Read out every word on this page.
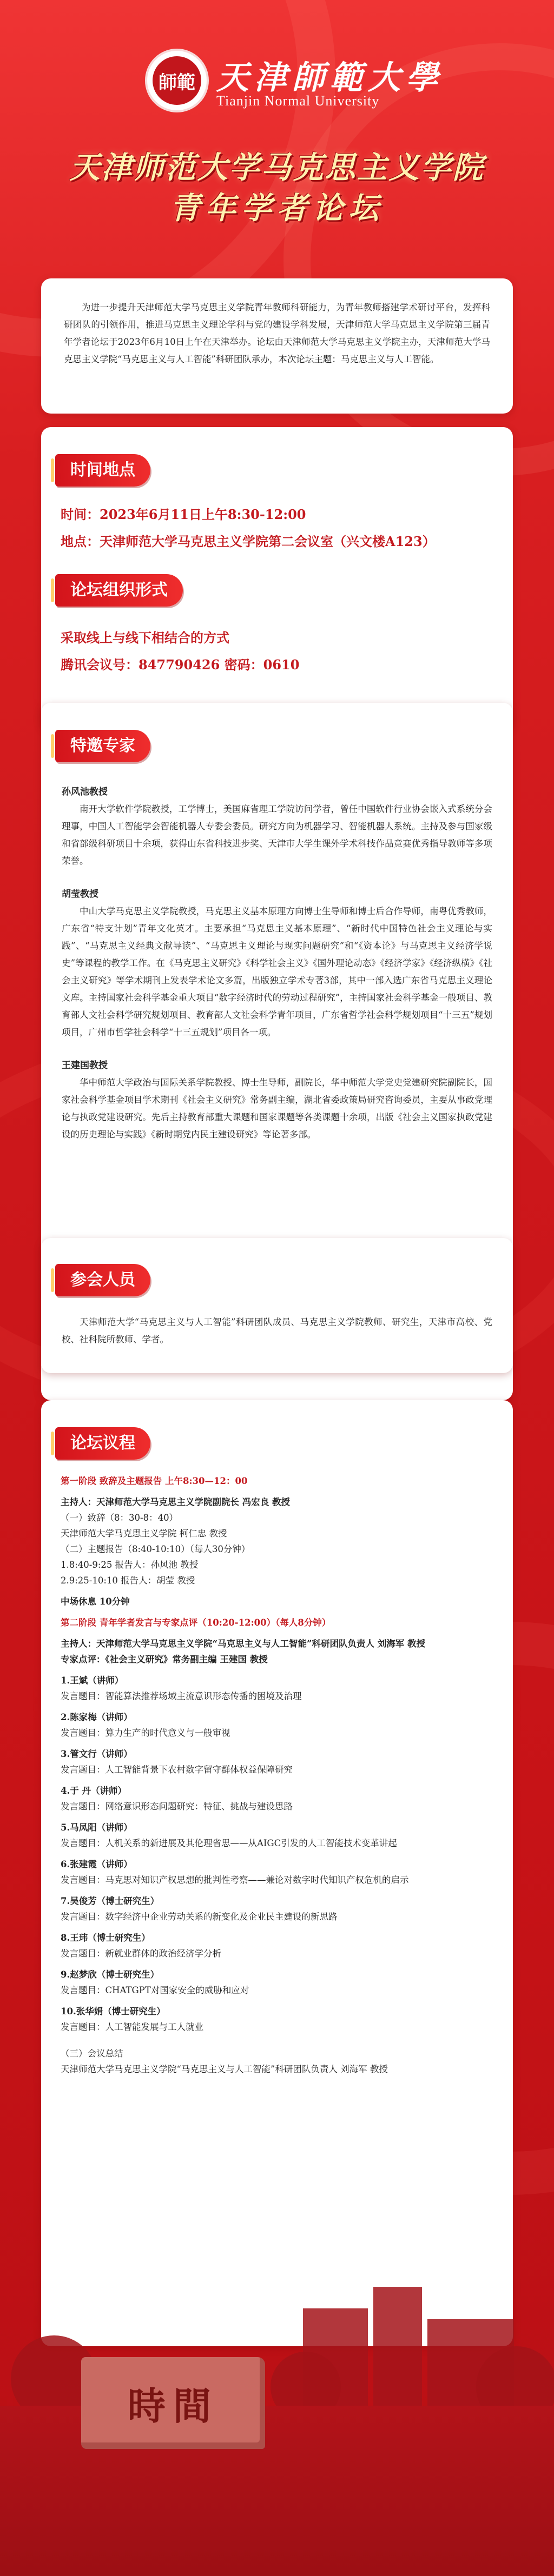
師範 天津師範大學
Tianjin Normal University
天津师范大学马克思主义学院
青年学者论坛

为进一步提升天津师范大学马克思主义学院青年教师科研能力，为青年教师搭建学术研讨平台，发挥科研团队的引领作用，推进马克思主义理论学科与党的建设学科发展，天津师范大学马克思主义学院第三届青年学者论坛于2023年6月10日上午在天津举办。论坛由天津师范大学马克思主义学院主办，天津师范大学马克思主义学院“马克思主义与人工智能”科研团队承办，本次论坛主题：马克思主义与人工智能。

时间地点

时间：2023年6月11日上午8:30-12:00

地点：天津师范大学马克思主义学院第二会议室（兴文楼A123）

论坛组织形式

采取线上与线下相结合的方式

腾讯会议号：847790426 密码：0610

特邀专家

孙风池教授

南开大学软件学院教授，工学博士，美国麻省理工学院访问学者，曾任中国软件行业协会嵌入式系统分会理事，中国人工智能学会智能机器人专委会委员。研究方向为机器学习、智能机器人系统。主持及参与国家级和省部级科研项目十余项，获得山东省科技进步奖、天津市大学生课外学术科技作品竞赛优秀指导教师等多项荣誉。

胡莹教授

中山大学马克思主义学院教授，马克思主义基本原理方向博士生导师和博士后合作导师，南粤优秀教师，广东省“特支计划”青年文化英才。主要承担“马克思主义基本原理”、“新时代中国特色社会主义理论与实践”、“马克思主义经典文献导读”、“马克思主义理论与现实问题研究”和“《资本论》与马克思主义经济学说史”等课程的教学工作。在《马克思主义研究》《科学社会主义》《国外理论动态》《经济学家》《经济纵横》《社会主义研究》等学术期刊上发表学术论文多篇，出版独立学术专著3部，其中一部入选广东省马克思主义理论文库。主持国家社会科学基金重大项目“数字经济时代的劳动过程研究”，主持国家社会科学基金一般项目、教育部人文社会科学研究规划项目、教育部人文社会科学青年项目，广东省哲学社会科学规划项目“十三五”规划项目，广州市哲学社会科学“十三五规划”项目各一项。

王建国教授

华中师范大学政治与国际关系学院教授、博士生导师，副院长，华中师范大学党史党建研究院副院长，国家社会科学基金项目学术期刊《社会主义研究》常务副主编，湖北省委政策局研究咨询委员，主要从事政党理论与执政党建设研究。先后主持教育部重大课题和国家课题等各类课题十余项，出版《社会主义国家执政党建设的历史理论与实践》《新时期党内民主建设研究》等论著多部。

参会人员

天津师范大学“马克思主义与人工智能”科研团队成员、马克思主义学院教师、研究生，天津市高校、党校、社科院所教师、学者。

论坛议程

第一阶段 致辞及主题报告 上午8:30—12：00

主持人：天津师范大学马克思主义学院副院长 冯宏良 教授

（一）致辞（8：30-8：40）

天津师范大学马克思主义学院 柯仁忠 教授

（二）主题报告（8:40-10:10）（每人30分钟）

1.8:40-9:25 报告人：孙风池 教授

2.9:25-10:10 报告人：胡莹 教授

中场休息 10分钟

第二阶段 青年学者发言与专家点评（10:20-12:00）（每人8分钟）

主持人：天津师范大学马克思主义学院“马克思主义与人工智能”科研团队负责人 刘海军 教授

专家点评：《社会主义研究》常务副主编 王建国 教授

1.王斌（讲师）

发言题目：智能算法推荐场域主流意识形态传播的困境及治理

2.陈家梅（讲师）

发言题目：算力生产的时代意义与一般审视

3.管文行（讲师）

发言题目：人工智能背景下农村数字留守群体权益保障研究

4.于 丹（讲师）

发言题目：网络意识形态问题研究：特征、挑战与建设思路

5.马凤阳（讲师）

发言题目：人机关系的新进展及其伦理省思——从AIGC引发的人工智能技术变革讲起

6.张建霞（讲师）

发言题目：马克思对知识产权思想的批判性考察——兼论对数字时代知识产权危机的启示

7.吴俊芳（博士研究生）

发言题目：数字经济中企业劳动关系的新变化及企业民主建设的新思路

8.王玮（博士研究生）

发言题目：新就业群体的政治经济学分析

9.赵梦欣（博士研究生）

发言题目：CHATGPT对国家安全的威胁和应对

10.张华娟（博士研究生）

发言题目：人工智能发展与工人就业

（三）会议总结

天津师范大学马克思主义学院“马克思主义与人工智能”科研团队负责人 刘海军 教授

時間
